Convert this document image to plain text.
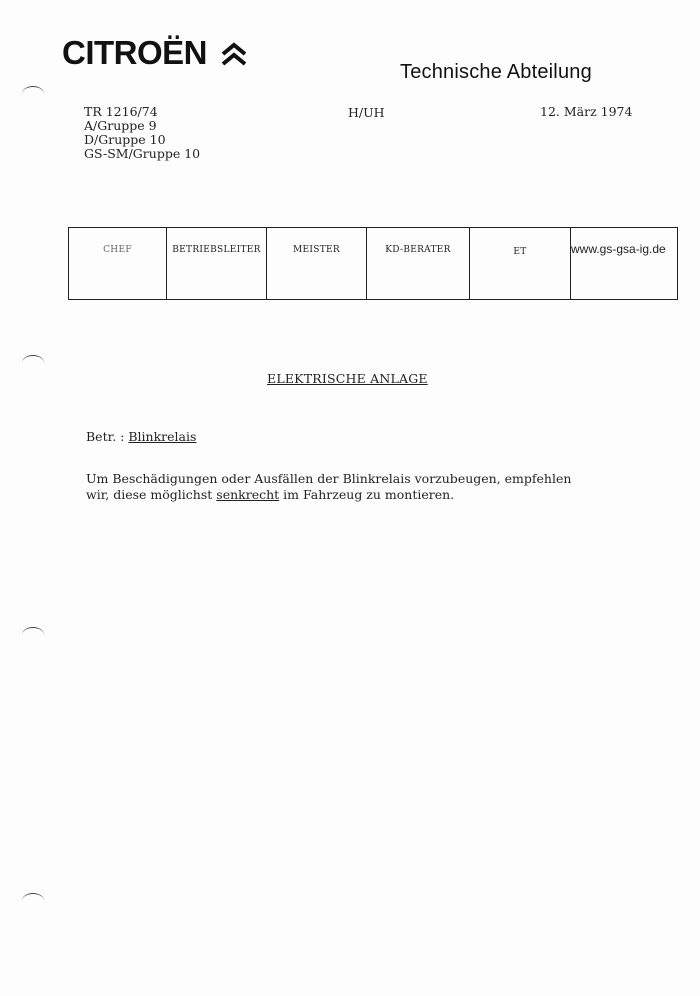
CITROËN
Technische Abteilung
TR 1216/74
A/Gruppe 9
D/Gruppe 10
GS-SM/Gruppe 10
H/UH	12. März 1974
CHEF	BETRIEBSLEITER	MEISTER	KD-BERATER	ET	www.gs-gsa-ig.de
ELEKTRISCHE ANLAGE
Betr. : Blinkrelais
Um Beschädigungen oder Ausfällen der Blinkrelais vorzubeugen, empfehlen
wir, diese möglichst senkrecht im Fahrzeug zu montieren.
